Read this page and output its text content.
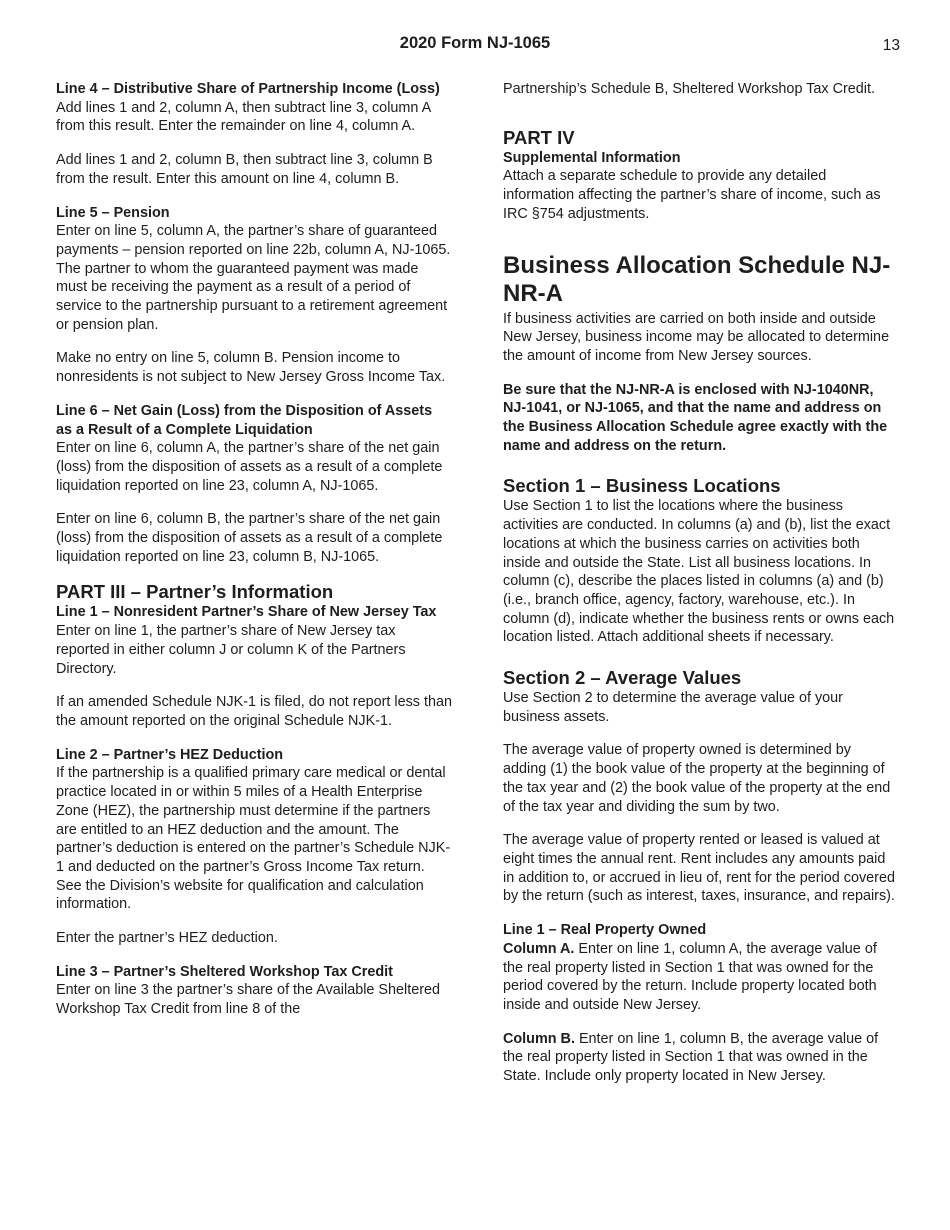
2020 Form NJ-1065	13

Line 4 – Distributive Share of Partnership Income (Loss)

Add lines 1 and 2, column A, then subtract line 3, column A from this result. Enter the remainder on line 4, column A.

Add lines 1 and 2, column B, then subtract line 3, column B from the result. Enter this amount on line 4, column B.

Line 5 – Pension

Enter on line 5, column A, the partner’s share of guaranteed payments – pension reported on line 22b, column A, NJ-1065. The partner to whom the guaranteed payment was made must be receiving the payment as a result of a period of service to the partnership pursuant to a retirement agreement or pension plan.

Make no entry on line 5, column B. Pension income to nonresidents is not subject to New Jersey Gross Income Tax.

Line 6 – Net Gain (Loss) from the Disposition of Assets as a Result of a Complete Liquidation

Enter on line 6, column A, the partner’s share of the net gain (loss) from the disposition of assets as a result of a complete liquidation reported on line 23, column A, NJ-1065.

Enter on line 6, column B, the partner’s share of the net gain (loss) from the disposition of assets as a result of a complete liquidation reported on line 23, column B, NJ-1065.

PART III – Partner’s Information

Line 1 – Nonresident Partner’s Share of New Jersey Tax

Enter on line 1, the partner’s share of New Jersey tax reported in either column J or column K of the Partners Directory.

If an amended Schedule NJK-1 is filed, do not report less than the amount reported on the original Schedule NJK-1.

Line 2 – Partner’s HEZ Deduction

If the partnership is a qualified primary care medical or dental practice located in or within 5 miles of a Health Enterprise Zone (HEZ), the partnership must determine if the partners are entitled to an HEZ deduction and the amount. The partner’s deduction is entered on the partner’s Schedule NJK-1 and deducted on the partner’s Gross Income Tax return. See the Division’s website for qualification and calculation information.

Enter the partner’s HEZ deduction.

Line 3 – Partner’s Sheltered Workshop Tax Credit

Enter on line 3 the partner’s share of the Available Sheltered Workshop Tax Credit from line 8 of the

Partnership’s Schedule B, Sheltered Workshop Tax Credit.

PART IV

Supplemental Information

Attach a separate schedule to provide any detailed information affecting the partner’s share of income, such as IRC §754 adjustments.

Business Allocation Schedule NJ-NR-A

If business activities are carried on both inside and outside New Jersey, business income may be allocated to determine the amount of income from New Jersey sources.

Be sure that the NJ-NR-A is enclosed with NJ-1040NR, NJ-1041, or NJ-1065, and that the name and address on the Business Allocation Schedule agree exactly with the name and address on the return.

Section 1 – Business Locations

Use Section 1 to list the locations where the business activities are conducted. In columns (a) and (b), list the exact locations at which the business carries on activities both inside and outside the State. List all business locations. In column (c), describe the places listed in columns (a) and (b) (i.e., branch office, agency, factory, warehouse, etc.). In column (d), indicate whether the business rents or owns each location listed. Attach additional sheets if necessary.

Section 2 – Average Values

Use Section 2 to determine the average value of your business assets.

The average value of property owned is determined by adding (1) the book value of the property at the beginning of the tax year and (2) the book value of the property at the end of the tax year and dividing the sum by two.

The average value of property rented or leased is valued at eight times the annual rent. Rent includes any amounts paid in addition to, or accrued in lieu of, rent for the period covered by the return (such as interest, taxes, insurance, and repairs).

Line 1 – Real Property Owned

Column A. Enter on line 1, column A, the average value of the real property listed in Section 1 that was owned for the period covered by the return. Include property located both inside and outside New Jersey.

Column B. Enter on line 1, column B, the average value of the real property listed in Section 1 that was owned in the State. Include only property located in New Jersey.
